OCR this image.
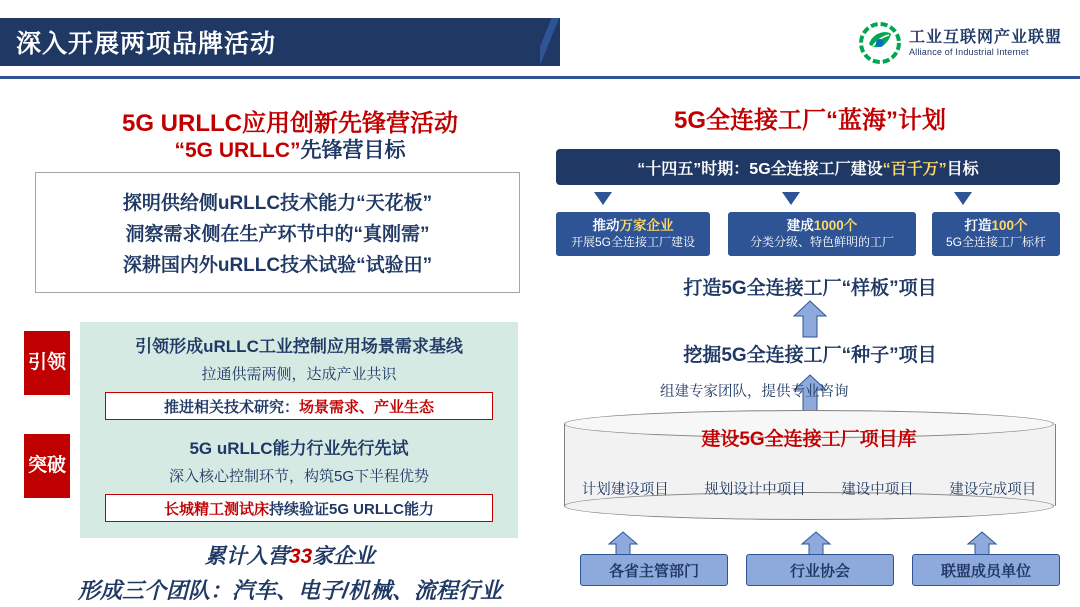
深入开展两项品牌活动	工业互联网产业联盟
Alliance of Industrial Internet
5G URLLC应用创新先锋营活动
“5G URLLC”先锋营目标
探明供给侧uRLLC技术能力“天花板”
洞察需求侧在生产环节中的“真刚需”
深耕国内外uRLLC技术试验“试验田”
引领
突破
引领形成uRLLC工业控制应用场景需求基线
拉通供需两侧，达成产业共识
推进相关技术研究： 场景需求、产业生态
5G uRLLC能力行业先行先试
深入核心控制环节，构筑5G下半程优势
长城精工测试床 持续验证5G URLLC能力
累计入营33家企业
形成三个团队：汽车、电子/机械、流程行业
5G全连接工厂“蓝海”计划
“十四五”时期：5G全连接工厂建设 “百千万” 目标
推动万家企业
开展5G全连接工厂建设
建成1000个
分类分级、特色鲜明的工厂
打造100个
5G全连接工厂标杆
打造5G全连接工厂“样板”项目
挖掘5G全连接工厂“种子”项目
组建专家团队，提供专业咨询
建设5G全连接工厂项目库
计划建设项目 规划设计中项目 建设中项目 建设完成项目
各省主管部门	行业协会	联盟成员单位
